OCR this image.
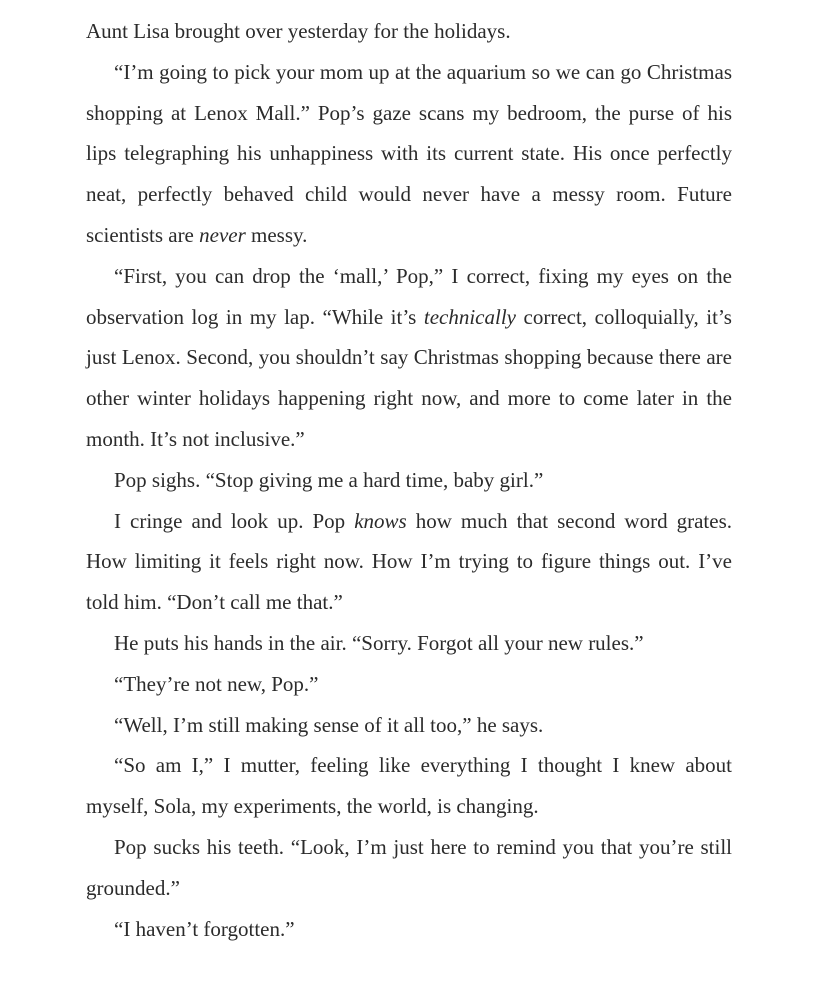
Aunt Lisa brought over yesterday for the holidays.

“I’m going to pick your mom up at the aquarium so we can go Christmas shopping at Lenox Mall.” Pop’s gaze scans my bedroom, the purse of his lips telegraphing his unhappiness with its current state. His once perfectly neat, perfectly behaved child would never have a messy room. Future scientists are never messy.

“First, you can drop the ‘mall,’ Pop,” I correct, fixing my eyes on the observation log in my lap. “While it’s technically correct, colloquially, it’s just Lenox. Second, you shouldn’t say Christmas shopping because there are other winter holidays happening right now, and more to come later in the month. It’s not inclusive.”

Pop sighs. “Stop giving me a hard time, baby girl.”

I cringe and look up. Pop knows how much that second word grates. How limiting it feels right now. How I’m trying to figure things out. I’ve told him. “Don’t call me that.”

He puts his hands in the air. “Sorry. Forgot all your new rules.”

“They’re not new, Pop.”

“Well, I’m still making sense of it all too,” he says.

“So am I,” I mutter, feeling like everything I thought I knew about myself, Sola, my experiments, the world, is changing.

Pop sucks his teeth. “Look, I’m just here to remind you that you’re still grounded.”

“I haven’t forgotten.”
